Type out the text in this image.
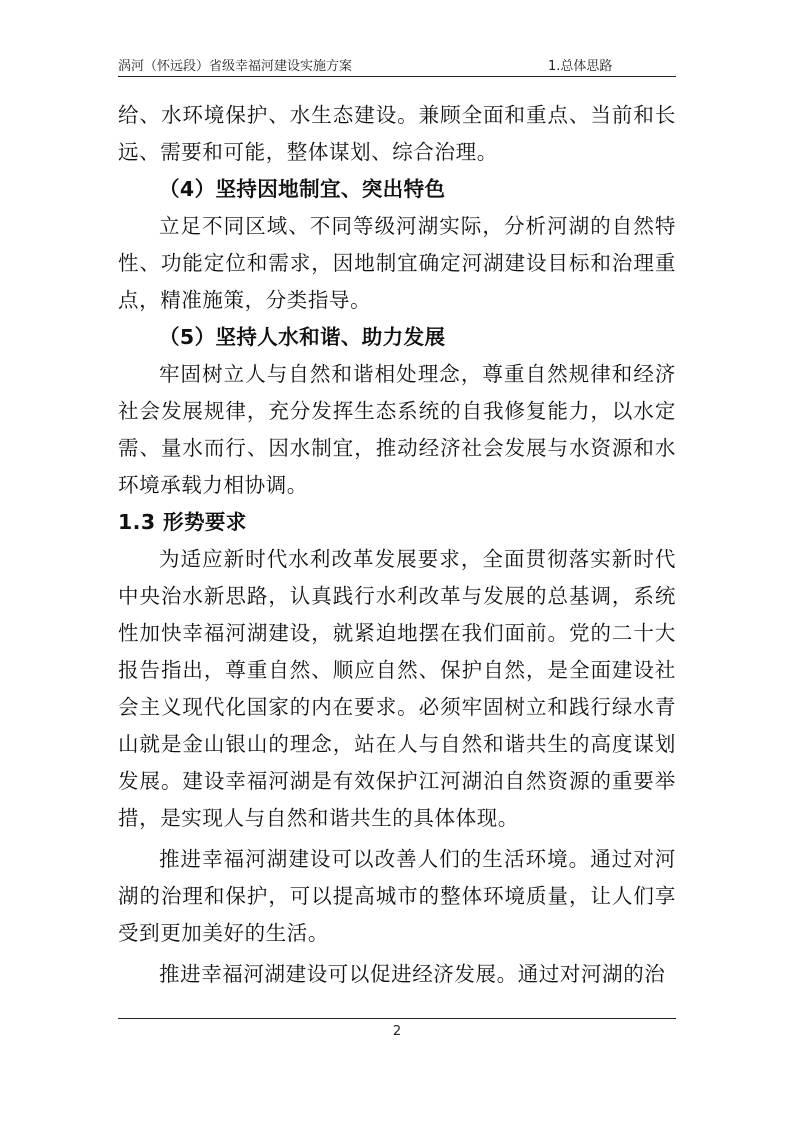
涡河（怀远段）省级幸福河建设实施方案	1.总体思路

给、水环境保护、水生态建设。兼顾全面和重点、当前和长远、需要和可能，整体谋划、综合治理。

（4）坚持因地制宜、突出特色

立足不同区域、不同等级河湖实际，分析河湖的自然特性、功能定位和需求，因地制宜确定河湖建设目标和治理重点，精准施策，分类指导。

（5）坚持人水和谐、助力发展

牢固树立人与自然和谐相处理念，尊重自然规律和经济社会发展规律，充分发挥生态系统的自我修复能力，以水定需、量水而行、因水制宜，推动经济社会发展与水资源和水环境承载力相协调。

1.3 形势要求

为适应新时代水利改革发展要求，全面贯彻落实新时代中央治水新思路，认真践行水利改革与发展的总基调，系统性加快幸福河湖建设，就紧迫地摆在我们面前。党的二十大报告指出，尊重自然、顺应自然、保护自然，是全面建设社会主义现代化国家的内在要求。必须牢固树立和践行绿水青山就是金山银山的理念，站在人与自然和谐共生的高度谋划发展。建设幸福河湖是有效保护江河湖泊自然资源的重要举措，是实现人与自然和谐共生的具体体现。

推进幸福河湖建设可以改善人们的生活环境。通过对河湖的治理和保护，可以提高城市的整体环境质量，让人们享受到更加美好的生活。

推进幸福河湖建设可以促进经济发展。通过对河湖的治

2
